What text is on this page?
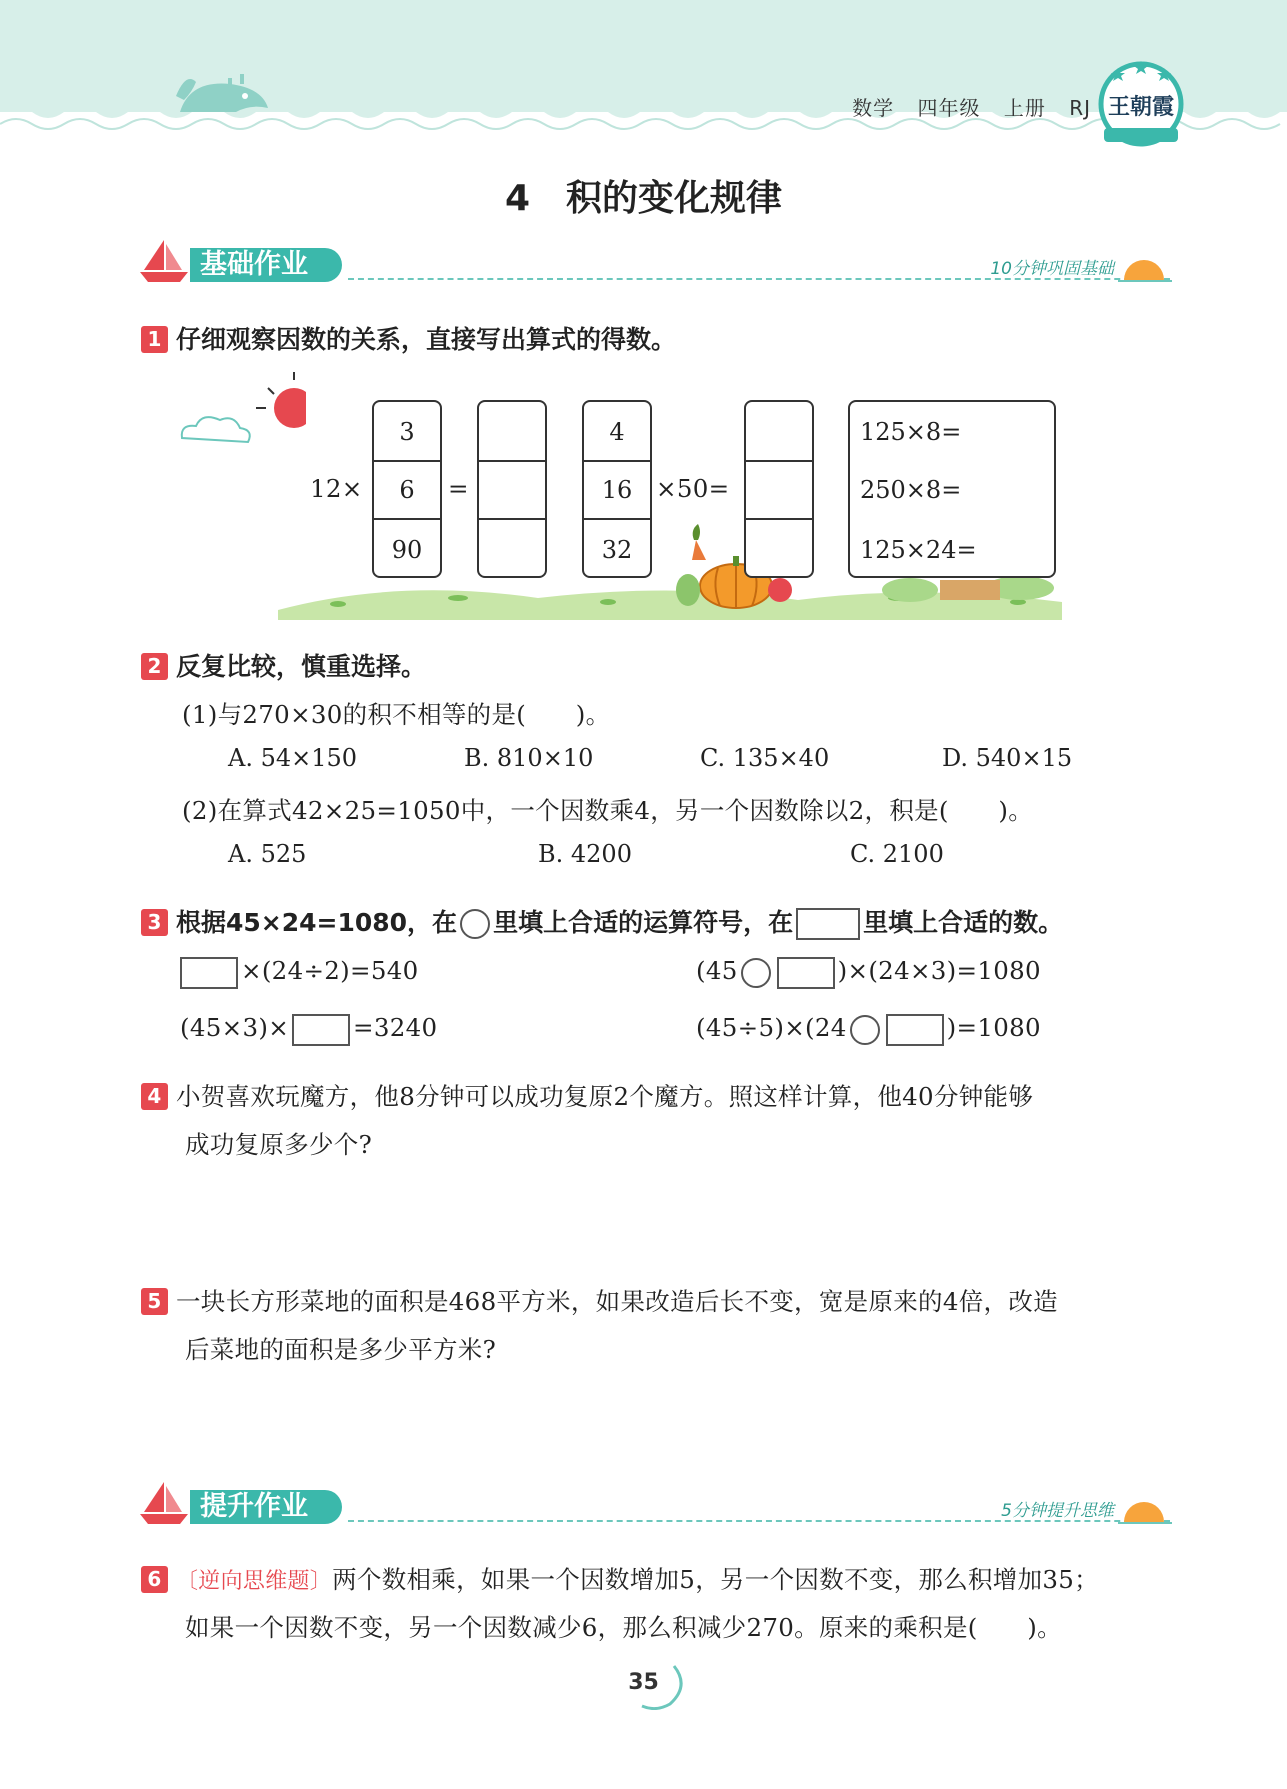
数学 四年级 上册 RJ 王朝霞
4　积的变化规律
基础作业	10分钟巩固基础
1 仔细观察因数的关系，直接写出算式的得数。
12×
3
6
90
=
4
16
32
×50=
125×8=
250×8=
125×24=
2 反复比较，慎重选择。
(1)与270×30的积不相等的是(　　)。
A. 54×150	B. 810×10	C. 135×40	D. 540×15
(2)在算式42×25=1050中，一个因数乘4，另一个因数除以2，积是(　　)。
A. 525	B. 4200	C. 2100
3 根据45×24=1080，在 里填上合适的运算符号，在	里填上合适的数。
×(24÷2)=540	(45	)×(24×3)=1080
(45×3)×	=3240	(45÷5)×(24	)=1080
4 小贺喜欢玩魔方，他8分钟可以成功复原2个魔方。照这样计算，他40分钟能够
成功复原多少个?
5 一块长方形菜地的面积是468平方米，如果改造后长不变，宽是原来的4倍，改造
后菜地的面积是多少平方米?
提升作业	5分钟提升思维
6 〔逆向思维题〕两个数相乘，如果一个因数增加5，另一个因数不变，那么积增加35；
如果一个因数不变，另一个因数减少6，那么积减少270。原来的乘积是(　　)。
35
